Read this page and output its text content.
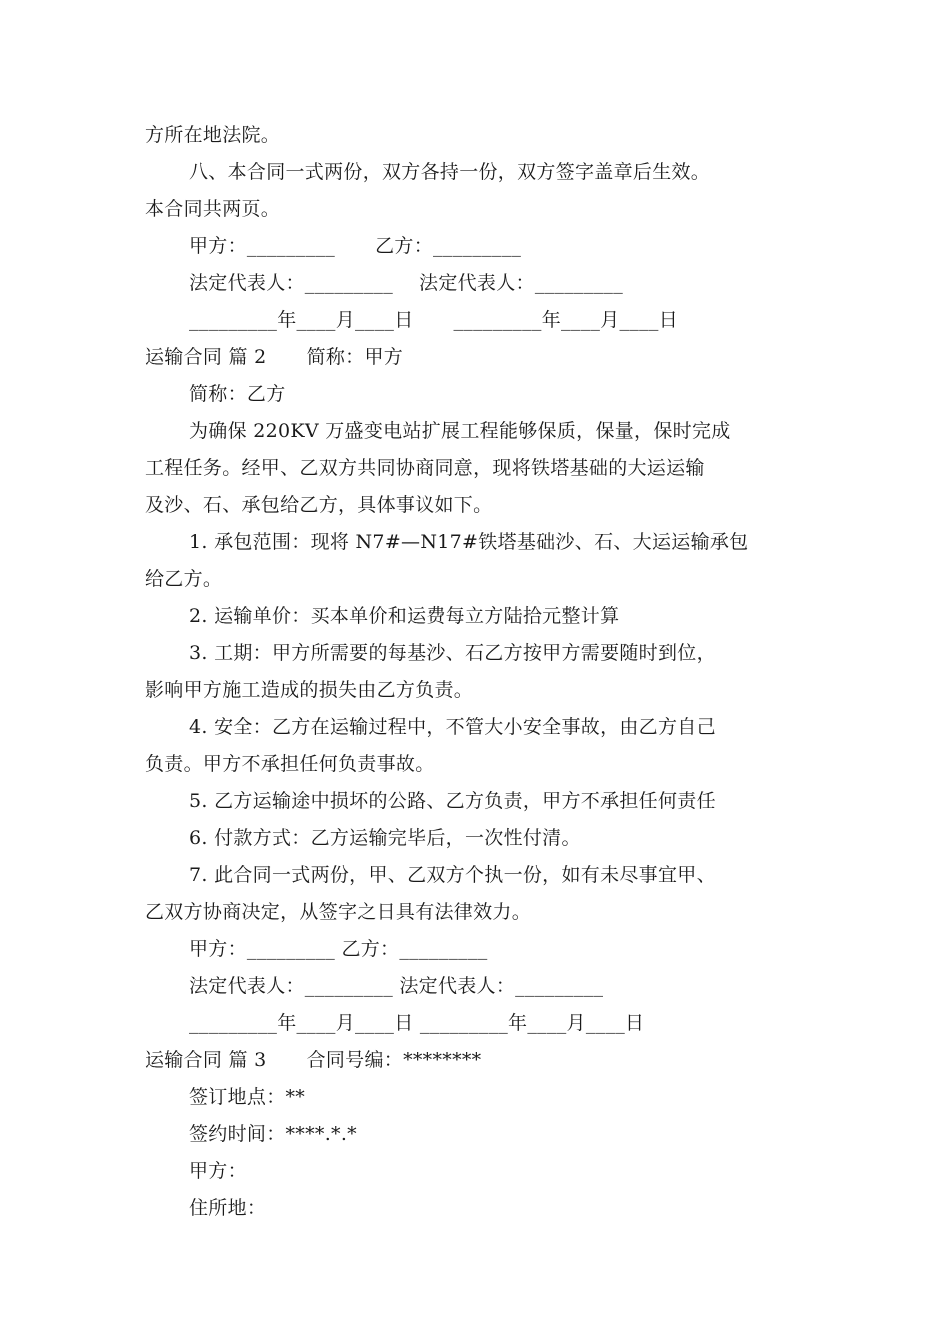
方所在地法院。
八、本合同一式两份，双方各持一份，双方签字盖章后生效。
本合同共两页。
甲方：_________ 乙方：_________
法定代表人：_________ 法定代表人：_________
_________年____月____日 _________年____月____日
运输合同 篇 2 简称：甲方
简称：乙方
为确保 220KV 万盛变电站扩展工程能够保质，保量，保时完成
工程任务。经甲、乙双方共同协商同意，现将铁塔基础的大运运输
及沙、石、承包给乙方，具体事议如下。
1. 承包范围：现将 N7#—N17#铁塔基础沙、石、大运运输承包
给乙方。
2. 运输单价：买本单价和运费每立方陆拾元整计算
3. 工期：甲方所需要的每基沙、石乙方按甲方需要随时到位，
影响甲方施工造成的损失由乙方负责。
4. 安全：乙方在运输过程中，不管大小安全事故，由乙方自己
负责。甲方不承担任何负责事故。
5. 乙方运输途中损坏的公路、乙方负责，甲方不承担任何责任
6. 付款方式：乙方运输完毕后，一次性付清。
7. 此合同一式两份，甲、乙双方个执一份，如有未尽事宜甲、
乙双方协商决定，从签字之日具有法律效力。
甲方：_________ 乙方：_________
法定代表人：_________ 法定代表人：_________
_________年____月____日 _________年____月____日
运输合同 篇 3 合同号编：********
签订地点：**
签约时间：****.*.*
甲方：
住所地：
